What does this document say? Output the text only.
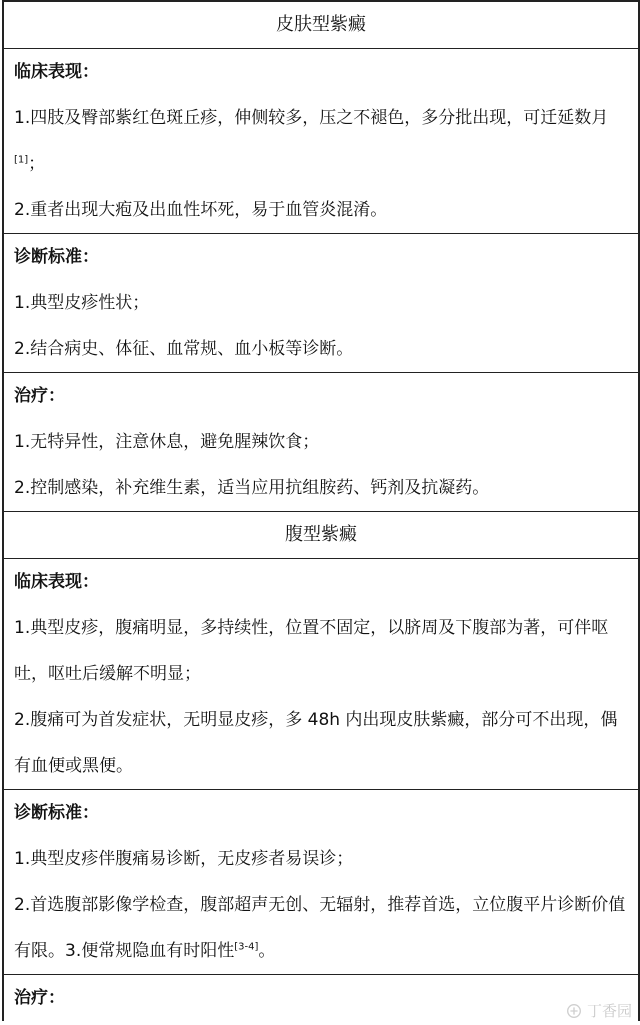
皮肤型紫癜
临床表现：
1.四肢及臀部紫红色斑丘疹，伸侧较多，压之不褪色，多分批出现，可迁延数月[1]；
2.重者出现大疱及出血性坏死，易于血管炎混淆。
诊断标准：
1.典型皮疹性状；
2.结合病史、体征、血常规、血小板等诊断。
治疗：
1.无特异性，注意休息，避免腥辣饮食；
2.控制感染，补充维生素，适当应用抗组胺药、钙剂及抗凝药。
腹型紫癜
临床表现：
1.典型皮疹，腹痛明显，多持续性，位置不固定，以脐周及下腹部为著，可伴呕吐，呕吐后缓解不明显；
2.腹痛可为首发症状，无明显皮疹，多 48h 内出现皮肤紫癜，部分可不出现，偶有血便或黑便。
诊断标准：
1.典型皮疹伴腹痛易诊断，无皮疹者易误诊；
2.首选腹部影像学检查，腹部超声无创、无辐射，推荐首选，立位腹平片诊断价值有限。3.便常规隐血有时阳性[3-4]。
治疗：
丁香园
